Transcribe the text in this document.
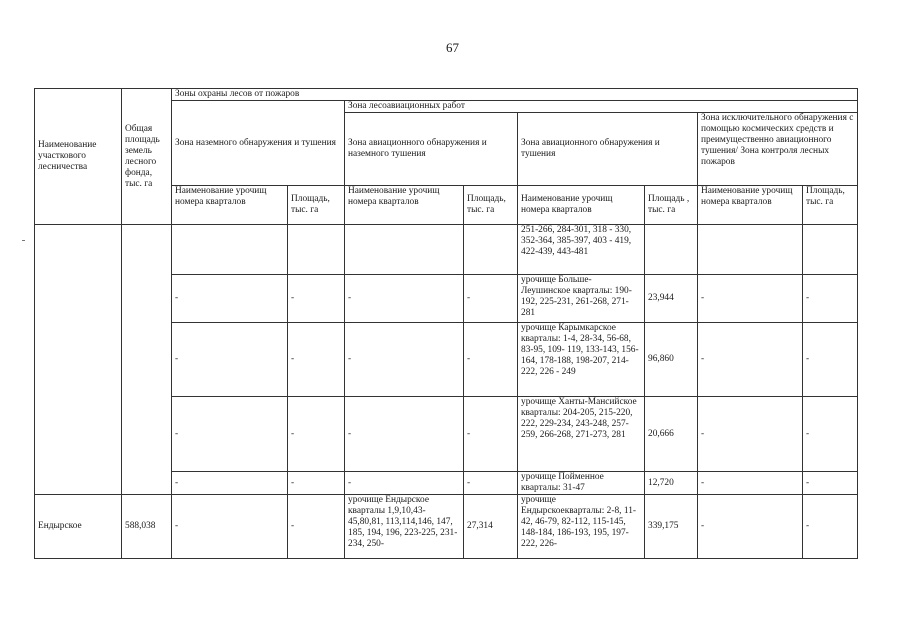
67
Наименование участкового лесничества	Общая площадь земель лесного фонда, тыс. га	Зоны охраны лесов от пожаров							
		Зона наземного обнаружения и тушения		Зона лесоавиационных работ					
				Зона авиационного обнаружения и наземного тушения		Зона авиационного обнаружения и тушения		Зона исключительного обнаружения с помощью космических средств и преимущественно авиационного тушения/ Зона контроля лесных пожаров	
		Наименование урочищ номера кварталов	Площадь, тыс. га	Наименование урочищ номера кварталов	Площадь, тыс. га	Наименование урочищ номера кварталов	Площадь , тыс. га	Наименование урочищ номера кварталов	Площадь, тыс. га
						251-266, 284-301, 318 - 330, 352-364, 385-397, 403 - 419, 422-439, 443-481			
		-	-	-	-	урочище Больше-Леушинское кварталы: 190-192, 225-231, 261-268, 271-281	23,944	-	-
		-	-	-	-	урочище Карымкарское кварталы: 1-4, 28-34, 56-68, 83-95, 109- 119, 133-143, 156-164, 178-188, 198-207, 214-222, 226 - 249	96,860	-	-
		-	-	-	-	урочище Ханты-Мансийское кварталы: 204-205, 215-220, 222, 229-234, 243-248, 257-259, 266-268, 271-273, 281	20,666	-	-
		-	-	-	-	урочище Пойменное кварталы: 31-47	12,720	-	-
Ендырское	588,038	-	-	урочище Ендырское кварталы 1,9,10,43-45,80,81, 113,114,146, 147, 185, 194, 196, 223-225, 231-234, 250-	27,314	урочище Ендырскоекварталы: 2-8, 11-42, 46-79, 82-112, 115-145, 148-184, 186-193, 195, 197-222, 226-	339,175	-	-
